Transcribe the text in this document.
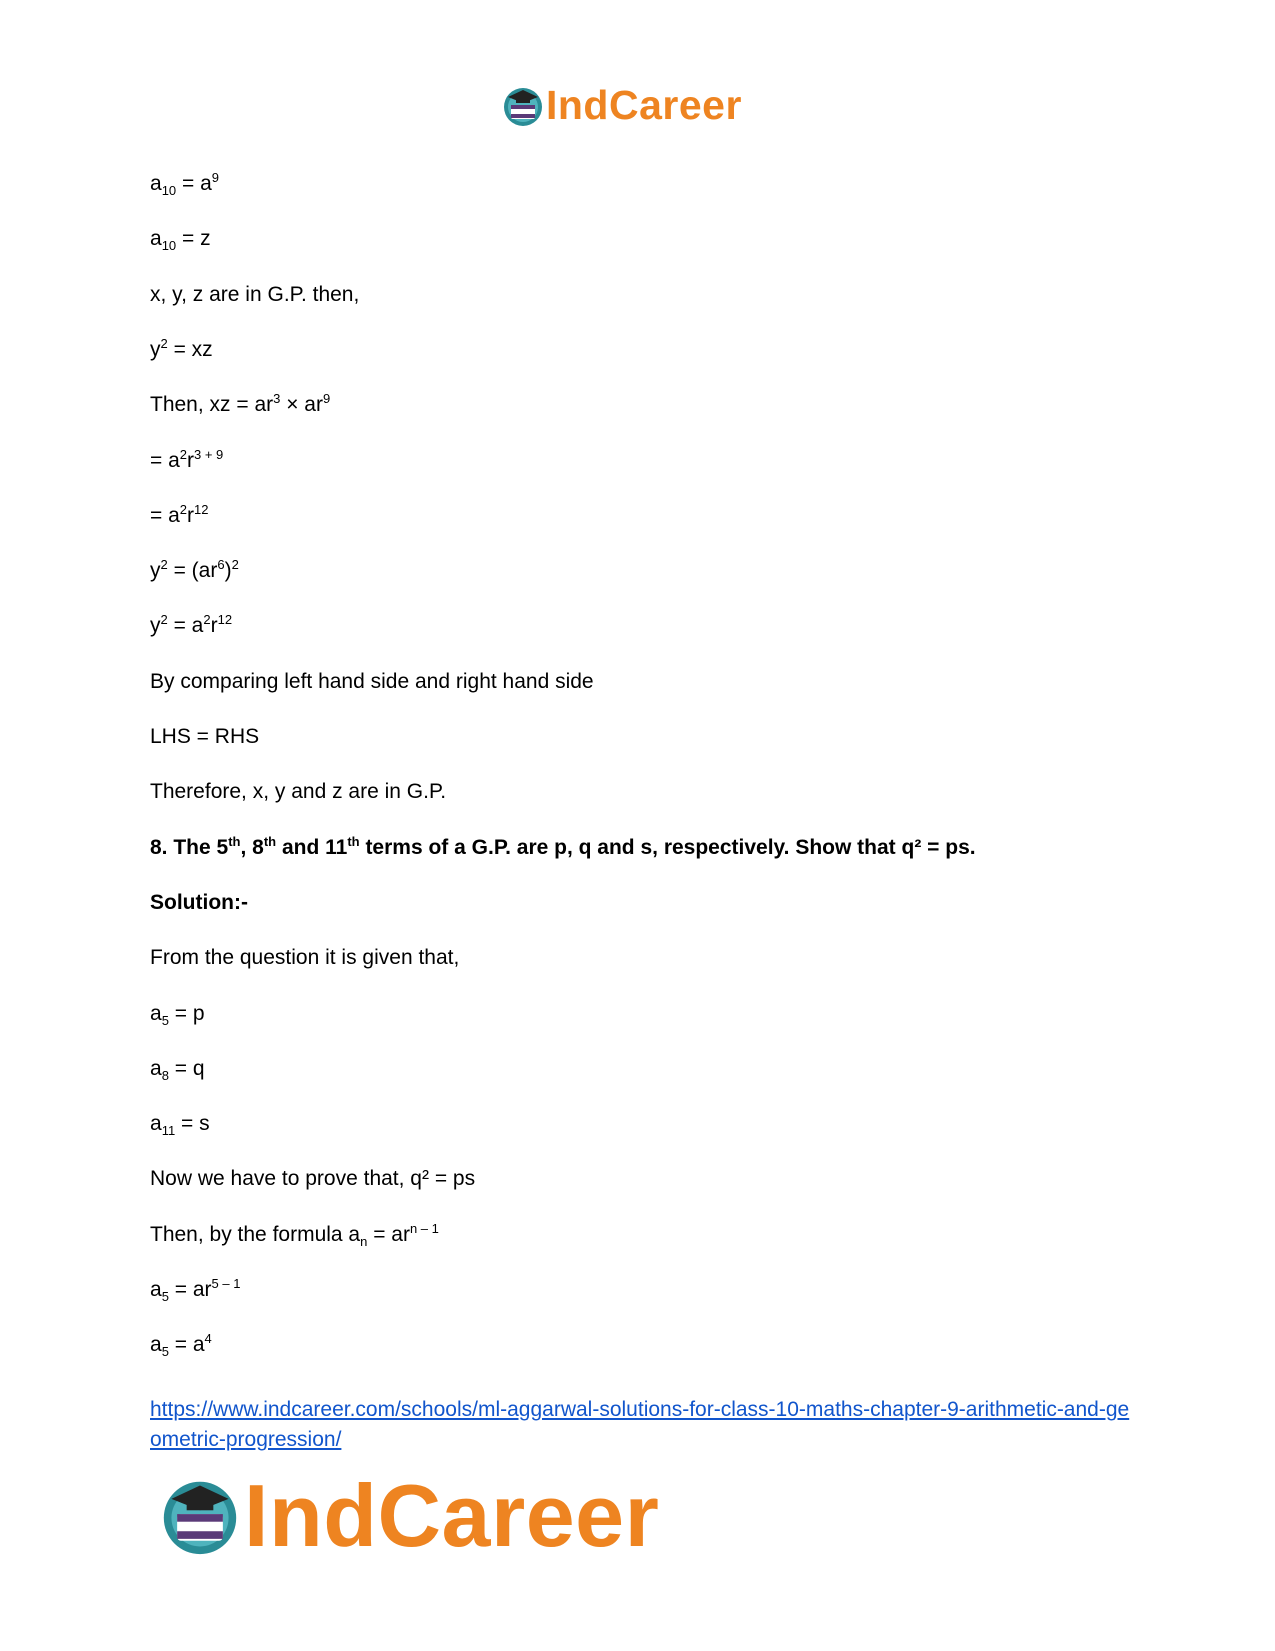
IndCareer
$a_{10} = a^9$
$a_{10} = z$
x, y, z are in G.P. then,
$y^2$ = xz
Then, xz = $ar^3 \times ar^9$
= $a^2r^{3 + 9}$
= $a^2r^{12}$
$y^2 = (ar^6)^2$
$y^2 = a^2r^{12}$
By comparing left hand side and right hand side
LHS = RHS
Therefore, x, y and z are in G.P.
8. The 5th, 8th and 11th terms of a G.P. are p, q and s, respectively. Show that q² = ps.
Solution:-
From the question it is given that,
$a_5 = p$
$a_8 = q$
$a_{11} = s$
Now we have to prove that, q² = ps
Then, by the formula $a_n = ar^{n - 1}$
$a_5 = ar^{5 - 1}$
$a_5 = a^4$
https://www.indcareer.com/schools/ml-aggarwal-solutions-for-class-10-maths-chapter-9-arithmetic-and-geometric-progression/
IndCareer
